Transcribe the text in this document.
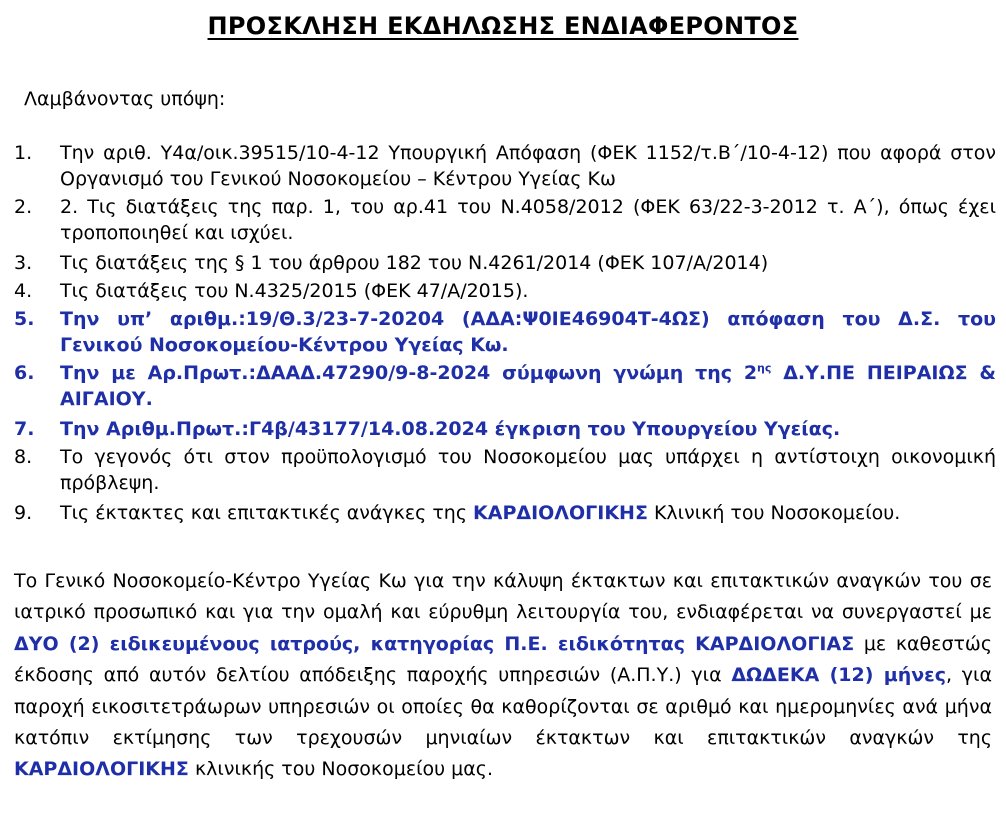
ΠΡΟΣΚΛΗΣΗ ΕΚΔΗΛΩΣΗΣ ΕΝΔΙΑΦΕΡΟΝΤΟΣ
Λαμβάνοντας υπόψη:
1. Την αριθ. Υ4α/οικ.39515/10-4-12 Υπουργική Απόφαση (ΦΕΚ 1152/τ.Β΄/10-4-12) που αφορά στον Οργανισμό του Γενικού Νοσοκομείου – Κέντρου Υγείας Κω
2. 2. Τις διατάξεις της παρ. 1, του αρ.41 του Ν.4058/2012 (ΦΕΚ 63/22-3-2012 τ. Α΄), όπως έχει τροποποιηθεί και ισχύει.
3. Τις διατάξεις της § 1 του άρθρου 182 του Ν.4261/2014 (ΦΕΚ 107/Α/2014)
4. Τις διατάξεις του Ν.4325/2015 (ΦΕΚ 47/Α/2015).
5. Την υπ’ αριθμ.:19/Θ.3/23-7-20204 (ΑΔΑ:Ψ0ΙΕ46904Τ-4ΩΣ) απόφαση του Δ.Σ. του Γενικού Νοσοκομείου-Κέντρου Υγείας Κω.
6. Την με Αρ.Πρωτ.:ΔΑΑΔ.47290/9-8-2024 σύμφωνη γνώμη της $2^{\eta\varsigma}$ Δ.Υ.ΠΕ ΠΕΙΡΑΙΩΣ & ΑΙΓΑΙΟΥ.
7. Την Αριθμ.Πρωτ.:Γ4β/43177/14.08.2024 έγκριση του Υπουργείου Υγείας.
8. Το γεγονός ότι στον προϋπολογισμό του Νοσοκομείου μας υπάρχει η αντίστοιχη οικονομική πρόβλεψη.
9. Τις έκτακτες και επιτακτικές ανάγκες της ΚΑΡΔΙΟΛΟΓΙΚΗΣ Κλινική του Νοσοκομείου.

Το Γενικό Νοσοκομείο-Κέντρο Υγείας Κω για την κάλυψη έκτακτων και επιτακτικών αναγκών του σε ιατρικό προσωπικό και για την ομαλή και εύρυθμη λειτουργία του, ενδιαφέρεται να συνεργαστεί με ΔΥΟ (2) ειδικευμένους ιατρούς, κατηγορίας Π.Ε. ειδικότητας ΚΑΡΔΙΟΛΟΓΙΑΣ με καθεστώς έκδοσης από αυτόν δελτίου απόδειξης παροχής υπηρεσιών (Α.Π.Υ.) για ΔΩΔΕΚΑ (12) μήνες, για παροχή εικοσιτετράωρων υπηρεσιών οι οποίες θα καθορίζονται σε αριθμό και ημερομηνίες ανά μήνα κατόπιν εκτίμησης των τρεχουσών μηνιαίων έκτακτων και επιτακτικών αναγκών της ΚΑΡΔΙΟΛΟΓΙΚΗΣ κλινικής του Νοσοκομείου μας.
